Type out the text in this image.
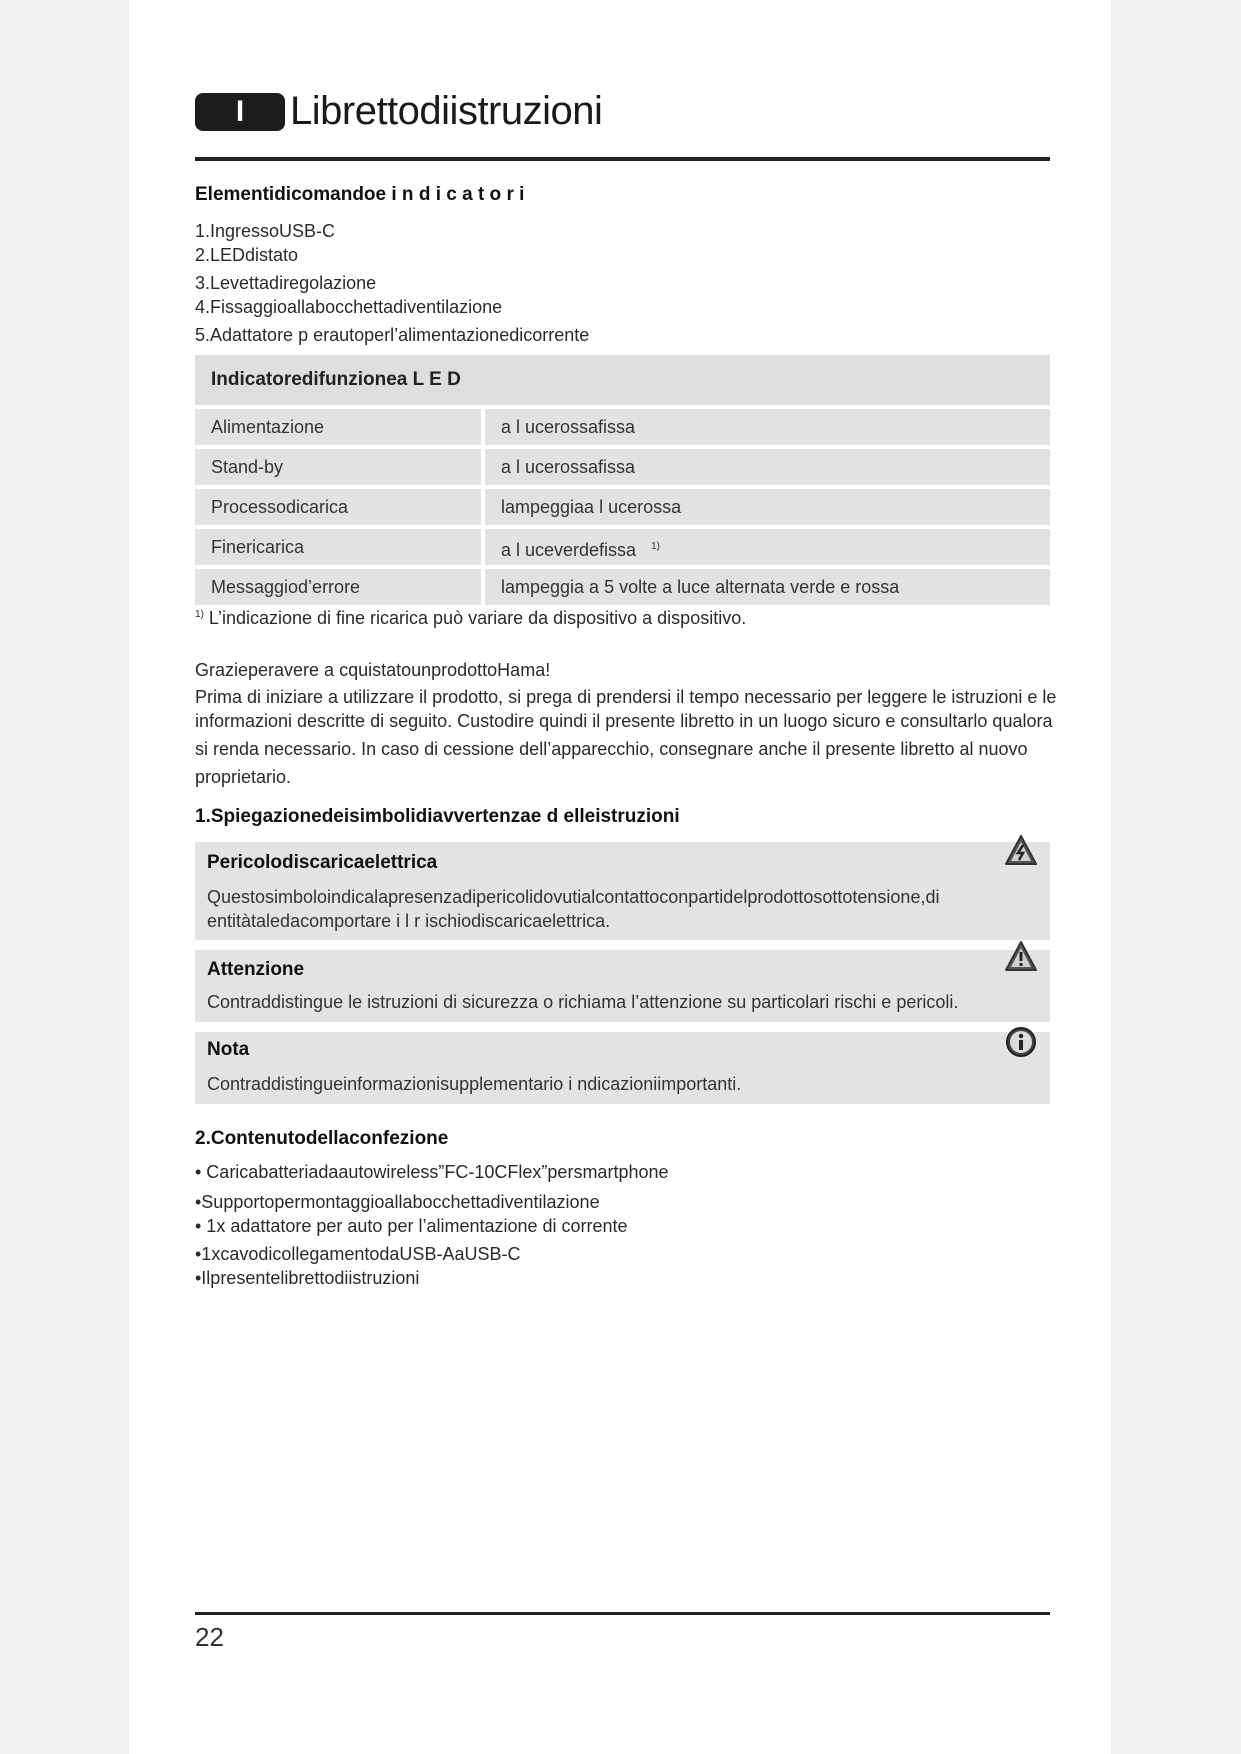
I	Librettodiistruzioni
Elementidicomandoe i n d i c a t o r i
1.IngressoUSB-C
2.LEDdistato
3.Levettadiregolazione
4.Fissaggioallabocchettadiventilazione
5.Adattatore p erautoperl’alimentazionedicorrente
Indicatoredifunzionea L E D
Alimentazione	a l ucerossafissa
Stand-by	a l ucerossafissa
Processodicarica	lampeggiaa l ucerossa
Finericarica	a l uceverdefissa $^{1)}$
Messaggiod’errore	lampeggia a 5 volte a luce alternata verde e rossa
$^{1)}$ L’indicazione di fine ricarica può variare da dispositivo a dispositivo.
Grazieperavere a cquistatounprodottoHama!
Prima di iniziare a utilizzare il prodotto, si prega di prendersi il tempo necessario per leggere le istruzioni e le
informazioni descritte di seguito. Custodire quindi il presente libretto in un luogo sicuro e consultarlo qualora
si renda necessario. In caso di cessione dell’apparecchio, consegnare anche il presente libretto al nuovo
proprietario.
1.Spiegazionedeisimbolidiavvertenzae d elleistruzioni
Pericolodiscaricaelettrica
Questosimboloindicalapresenzadipericolidovutialcontattoconpartidelprodottosottotensione,di
entitàtaledacomportare i l r ischiodiscaricaelettrica.
Attenzione
Contraddistingue le istruzioni di sicurezza o richiama l’attenzione su particolari rischi e pericoli.
Nota
Contraddistingueinformazionisupplementario i ndicazioniimportanti.
2.Contenutodellaconfezione
• Caricabatteriadaautowireless”FC-10CFlex”persmartphone
•Supportopermontaggioallabocchettadiventilazione
• 1x adattatore per auto per l’alimentazione di corrente
•1xcavodicollegamentodaUSB-AaUSB-C
•Ilpresentelibrettodiistruzioni
22
